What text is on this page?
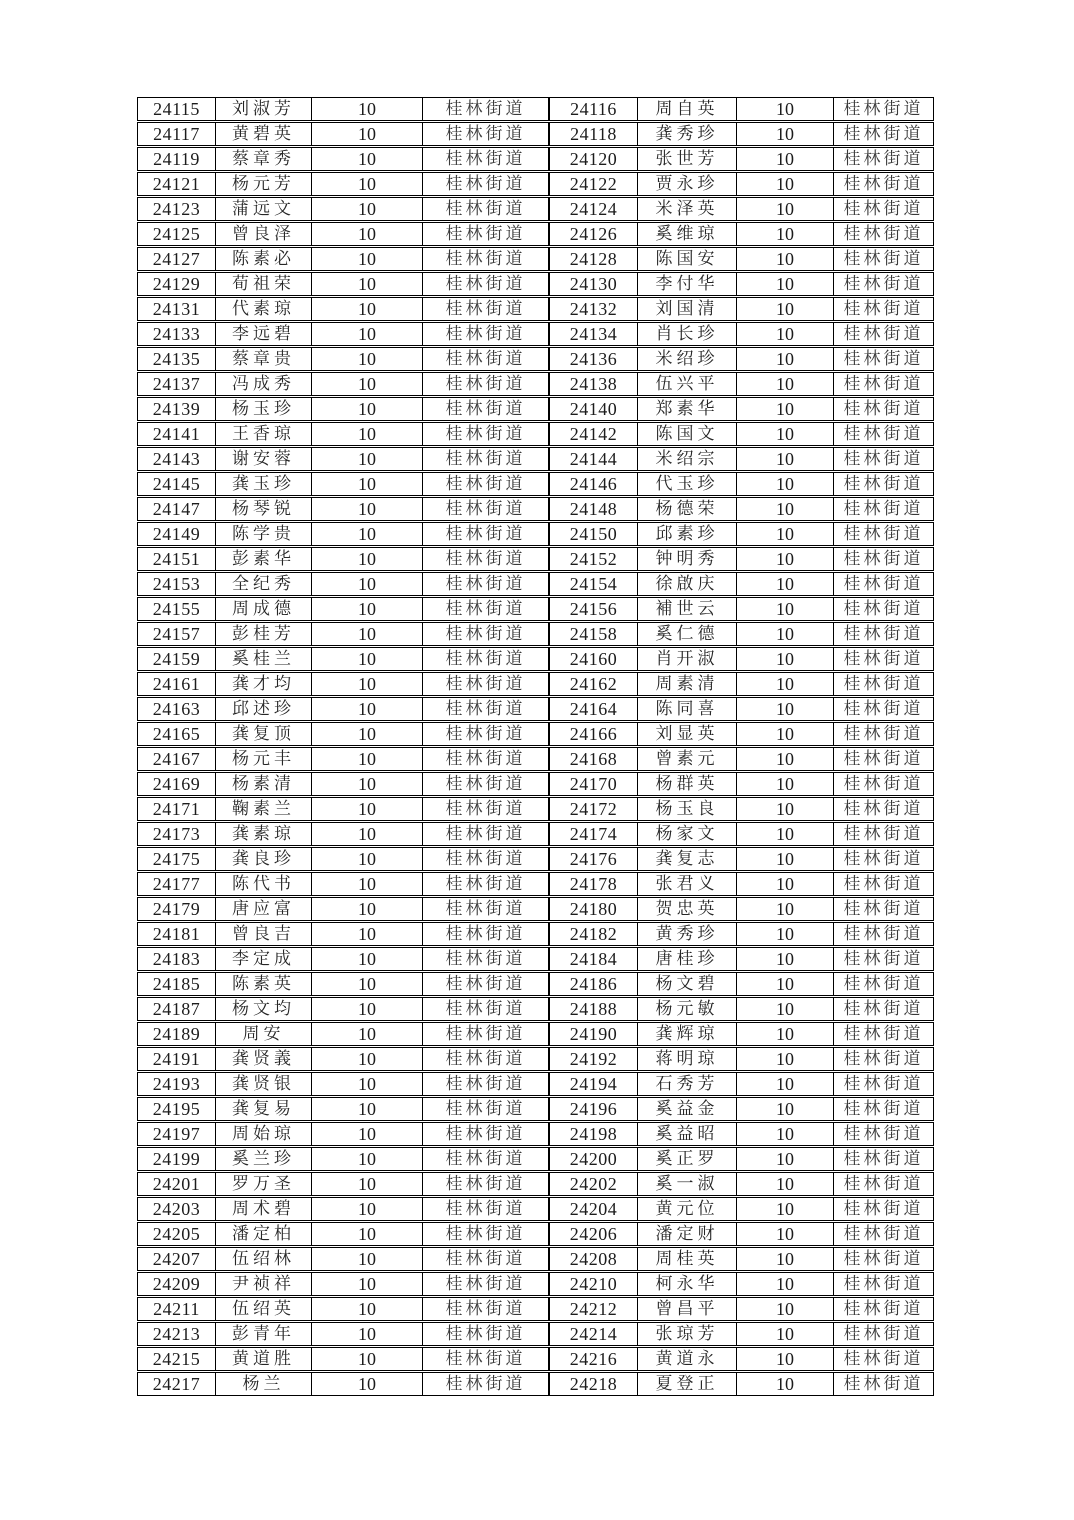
24115	刘淑芳	10	桂林街道	24116	周自英	10	桂林街道
24117	黄碧英	10	桂林街道	24118	龚秀珍	10	桂林街道
24119	蔡章秀	10	桂林街道	24120	张世芳	10	桂林街道
24121	杨元芳	10	桂林街道	24122	贾永珍	10	桂林街道
24123	蒲远文	10	桂林街道	24124	米泽英	10	桂林街道
24125	曾良泽	10	桂林街道	24126	奚维琼	10	桂林街道
24127	陈素必	10	桂林街道	24128	陈国安	10	桂林街道
24129	荀祖荣	10	桂林街道	24130	李付华	10	桂林街道
24131	代素琼	10	桂林街道	24132	刘国清	10	桂林街道
24133	李远碧	10	桂林街道	24134	肖长珍	10	桂林街道
24135	蔡章贵	10	桂林街道	24136	米绍珍	10	桂林街道
24137	冯成秀	10	桂林街道	24138	伍兴平	10	桂林街道
24139	杨玉珍	10	桂林街道	24140	郑素华	10	桂林街道
24141	王香琼	10	桂林街道	24142	陈国文	10	桂林街道
24143	谢安蓉	10	桂林街道	24144	米绍宗	10	桂林街道
24145	龚玉珍	10	桂林街道	24146	代玉珍	10	桂林街道
24147	杨琴锐	10	桂林街道	24148	杨德荣	10	桂林街道
24149	陈学贵	10	桂林街道	24150	邱素珍	10	桂林街道
24151	彭素华	10	桂林街道	24152	钟明秀	10	桂林街道
24153	全纪秀	10	桂林街道	24154	徐啟庆	10	桂林街道
24155	周成德	10	桂林街道	24156	補世云	10	桂林街道
24157	彭桂芳	10	桂林街道	24158	奚仁德	10	桂林街道
24159	奚桂兰	10	桂林街道	24160	肖开淑	10	桂林街道
24161	龚才均	10	桂林街道	24162	周素清	10	桂林街道
24163	邱述珍	10	桂林街道	24164	陈同喜	10	桂林街道
24165	龚复顶	10	桂林街道	24166	刘显英	10	桂林街道
24167	杨元丰	10	桂林街道	24168	曾素元	10	桂林街道
24169	杨素清	10	桂林街道	24170	杨群英	10	桂林街道
24171	鞠素兰	10	桂林街道	24172	杨玉良	10	桂林街道
24173	龚素琼	10	桂林街道	24174	杨家文	10	桂林街道
24175	龚良珍	10	桂林街道	24176	龚复志	10	桂林街道
24177	陈代书	10	桂林街道	24178	张君义	10	桂林街道
24179	唐应富	10	桂林街道	24180	贺忠英	10	桂林街道
24181	曾良吉	10	桂林街道	24182	黄秀珍	10	桂林街道
24183	李定成	10	桂林街道	24184	唐桂珍	10	桂林街道
24185	陈素英	10	桂林街道	24186	杨文碧	10	桂林街道
24187	杨文均	10	桂林街道	24188	杨元敏	10	桂林街道
24189	周安	10	桂林街道	24190	龚辉琼	10	桂林街道
24191	龚贤義	10	桂林街道	24192	蒋明琼	10	桂林街道
24193	龚贤银	10	桂林街道	24194	石秀芳	10	桂林街道
24195	龚复易	10	桂林街道	24196	奚益金	10	桂林街道
24197	周始琼	10	桂林街道	24198	奚益昭	10	桂林街道
24199	奚兰珍	10	桂林街道	24200	奚正罗	10	桂林街道
24201	罗万圣	10	桂林街道	24202	奚一淑	10	桂林街道
24203	周术碧	10	桂林街道	24204	黄元位	10	桂林街道
24205	潘定柏	10	桂林街道	24206	潘定财	10	桂林街道
24207	伍绍林	10	桂林街道	24208	周桂英	10	桂林街道
24209	尹祯祥	10	桂林街道	24210	柯永华	10	桂林街道
24211	伍绍英	10	桂林街道	24212	曾昌平	10	桂林街道
24213	彭青年	10	桂林街道	24214	张琼芳	10	桂林街道
24215	黄道胜	10	桂林街道	24216	黄道永	10	桂林街道
24217	杨兰	10	桂林街道	24218	夏登正	10	桂林街道
